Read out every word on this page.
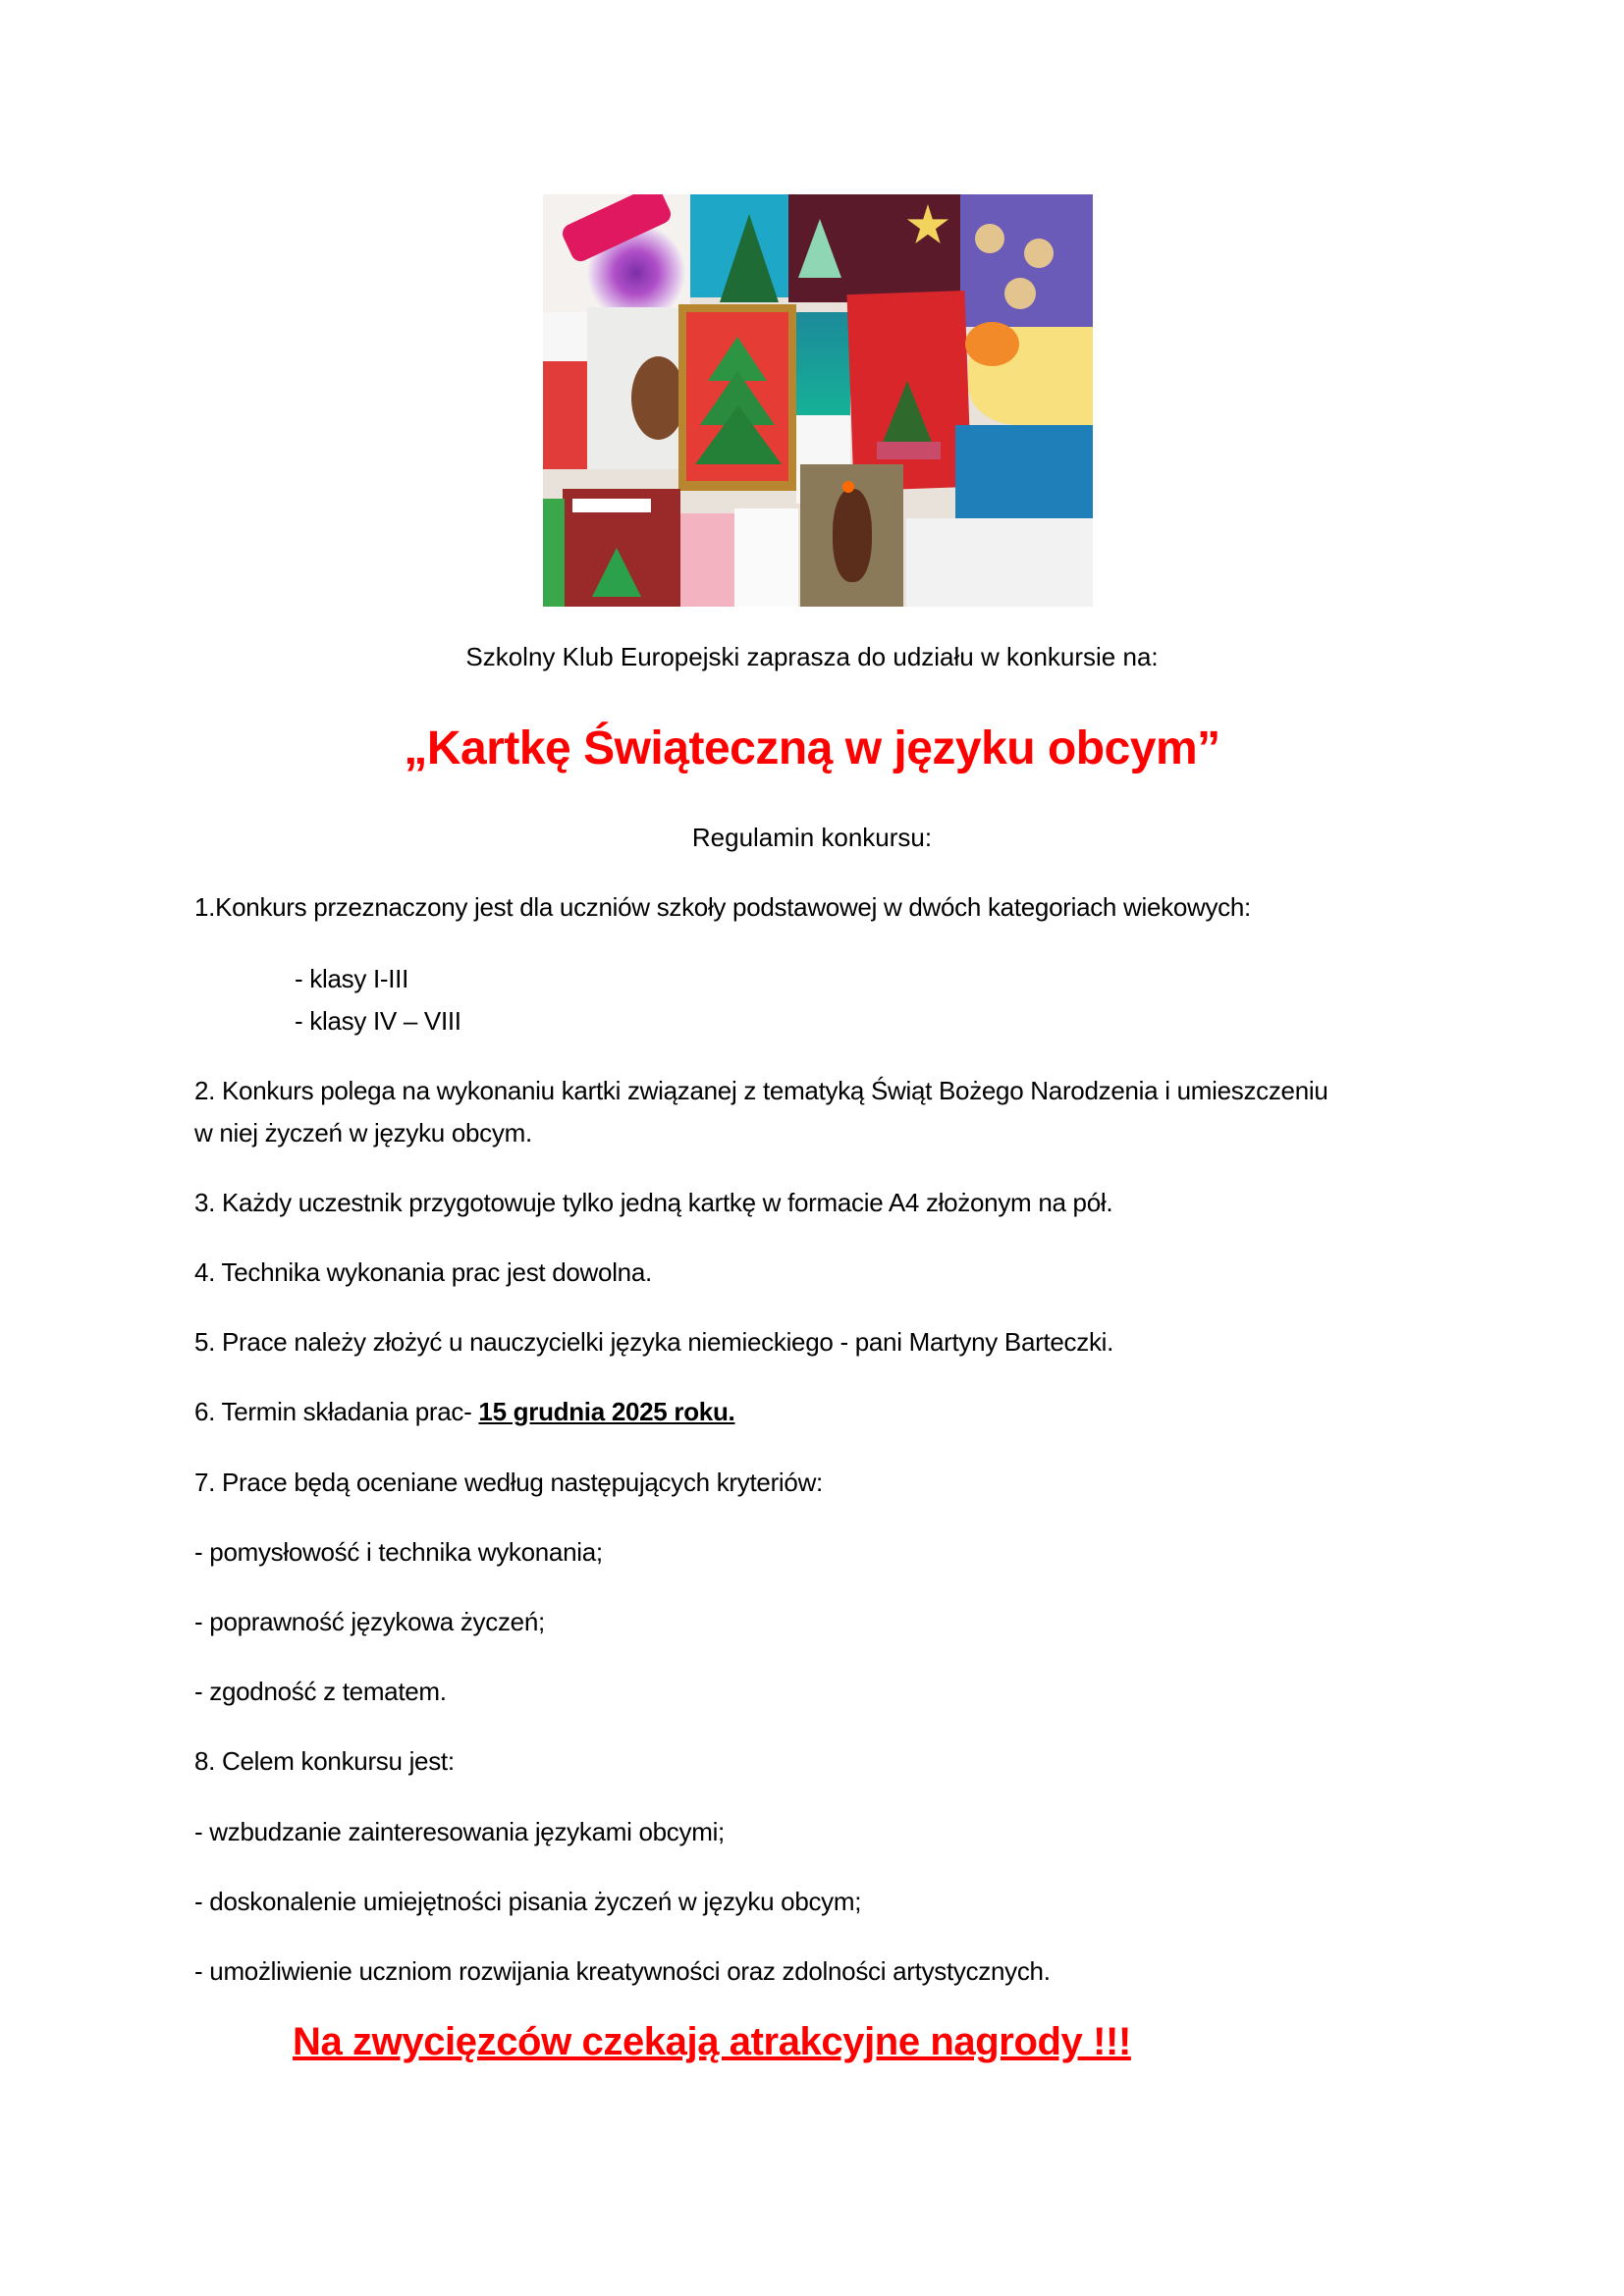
Szkolny Klub Europejski zaprasza do udziału w konkursie na:
„Kartkę Świąteczną w języku obcym”
Regulamin konkursu:
1.Konkurs przeznaczony jest dla uczniów szkoły podstawowej w dwóch kategoriach wiekowych:
- klasy I-III
- klasy IV – VIII
2. Konkurs polega na wykonaniu kartki związanej z tematyką Świąt Bożego Narodzenia i umieszczeniu
w niej życzeń w języku obcym.
3. Każdy uczestnik przygotowuje tylko jedną kartkę w formacie A4 złożonym na pół.
4. Technika wykonania prac jest dowolna.
5. Prace należy złożyć u nauczycielki języka niemieckiego - pani Martyny Barteczki.
6. Termin składania prac- 15 grudnia 2025 roku.
7. Prace będą oceniane według następujących kryteriów:
- pomysłowość i technika wykonania;
- poprawność językowa życzeń;
- zgodność z tematem.
8. Celem konkursu jest:
- wzbudzanie zainteresowania językami obcymi;
- doskonalenie umiejętności pisania życzeń w języku obcym;
- umożliwienie uczniom rozwijania kreatywności oraz zdolności artystycznych.
Na zwycięzców czekają atrakcyjne nagrody !!!
